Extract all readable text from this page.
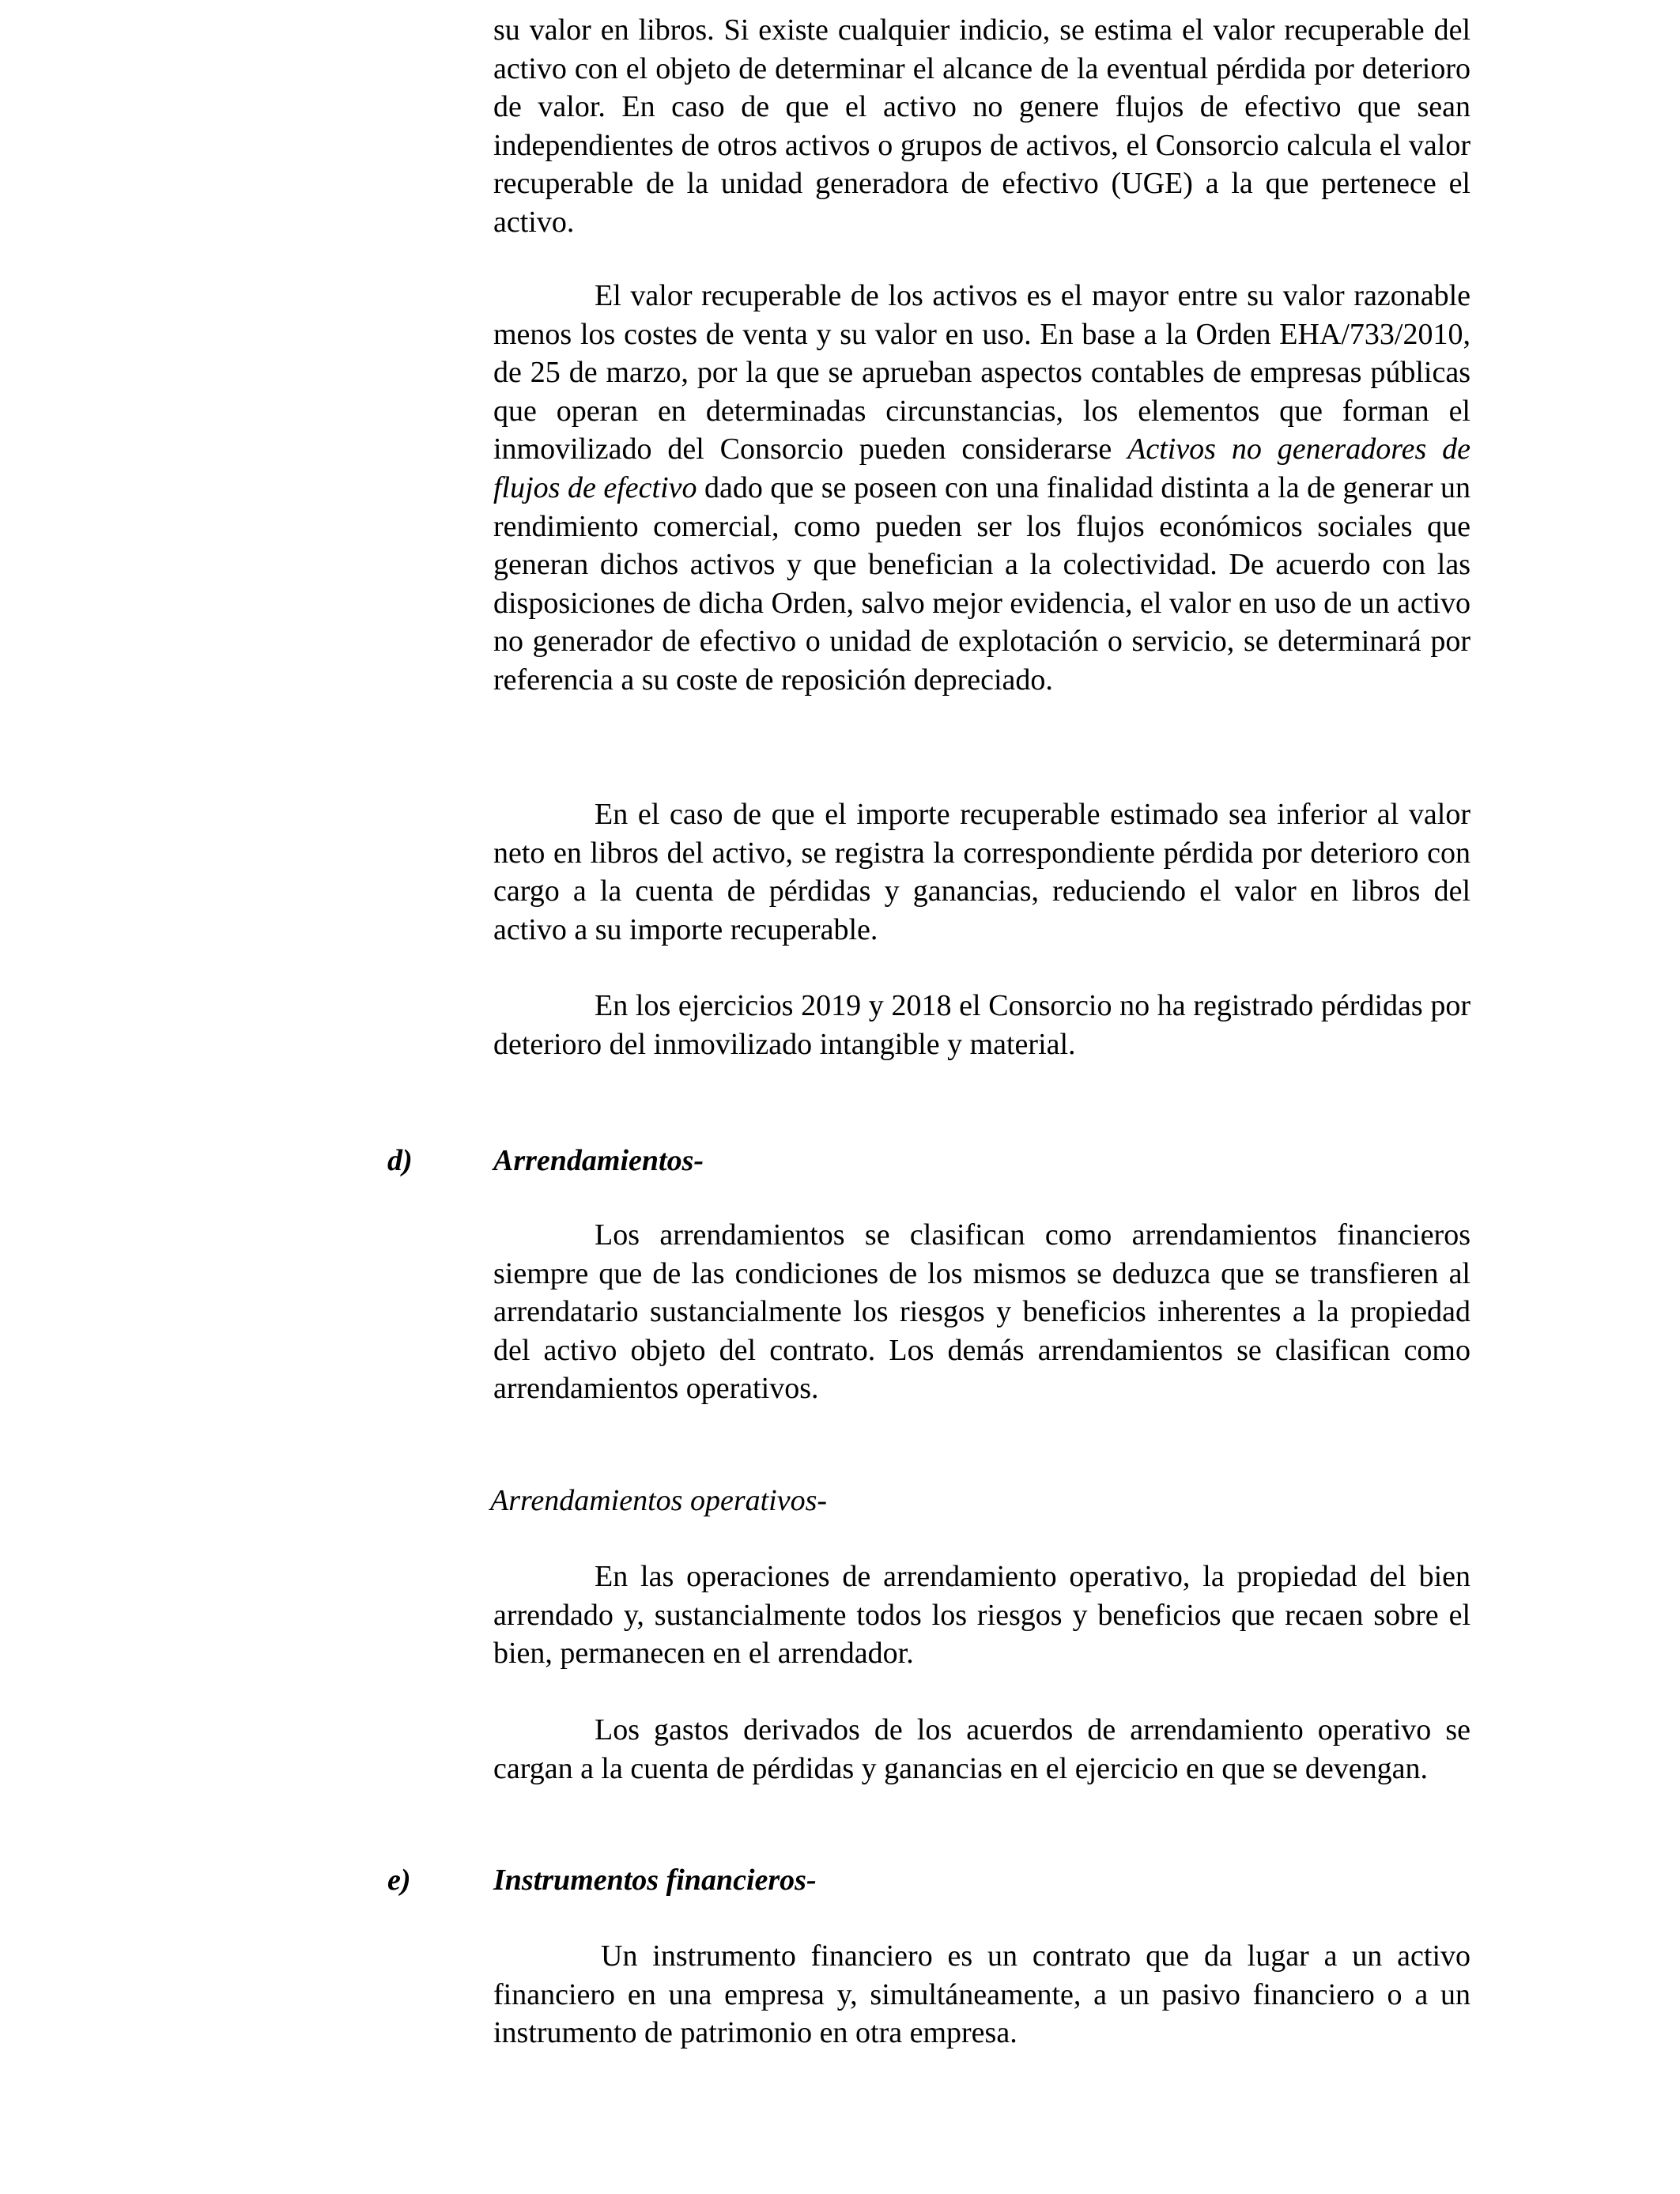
su valor en libros. Si existe cualquier indicio, se estima el valor recuperable del activo con el objeto de determinar el alcance de la eventual pérdida por deterioro de valor. En caso de que el activo no genere flujos de efectivo que sean independientes de otros activos o grupos de activos, el Consorcio calcula el valor recuperable de la unidad generadora de efectivo (UGE) a la que pertenece el activo.

El valor recuperable de los activos es el mayor entre su valor razonable menos los costes de venta y su valor en uso. En base a la Orden EHA/733/2010, de 25 de marzo, por la que se aprueban aspectos contables de empresas públicas que operan en determinadas circunstancias, los elementos que forman el inmovilizado del Consorcio pueden considerarse Activos no generadores de flujos de efectivo dado que se poseen con una finalidad distinta a la de generar un rendimiento comercial, como pueden ser los flujos económicos sociales que generan dichos activos y que benefician a la colectividad. De acuerdo con las disposiciones de dicha Orden, salvo mejor evidencia, el valor en uso de un activo no generador de efectivo o unidad de explotación o servicio, se determinará por referencia a su coste de reposición depreciado.

En el caso de que el importe recuperable estimado sea inferior al valor neto en libros del activo, se registra la correspondiente pérdida por deterioro con cargo a la cuenta de pérdidas y ganancias, reduciendo el valor en libros del activo a su importe recuperable.

En los ejercicios 2019 y 2018 el Consorcio no ha registrado pérdidas por deterioro del inmovilizado intangible y material.

d)	Arrendamientos-

Los arrendamientos se clasifican como arrendamientos financieros siempre que de las condiciones de los mismos se deduzca que se transfieren al arrendatario sustancialmente los riesgos y beneficios inherentes a la propiedad del activo objeto del contrato. Los demás arrendamientos se clasifican como arrendamientos operativos.

Arrendamientos operativos-

En las operaciones de arrendamiento operativo, la propiedad del bien arrendado y, sustancialmente todos los riesgos y beneficios que recaen sobre el bien, permanecen en el arrendador.

Los gastos derivados de los acuerdos de arrendamiento operativo se cargan a la cuenta de pérdidas y ganancias en el ejercicio en que se devengan.

e)	Instrumentos financieros-

Un instrumento financiero es un contrato que da lugar a un activo financiero en una empresa y, simultáneamente, a un pasivo financiero o a un instrumento de patrimonio en otra empresa.
